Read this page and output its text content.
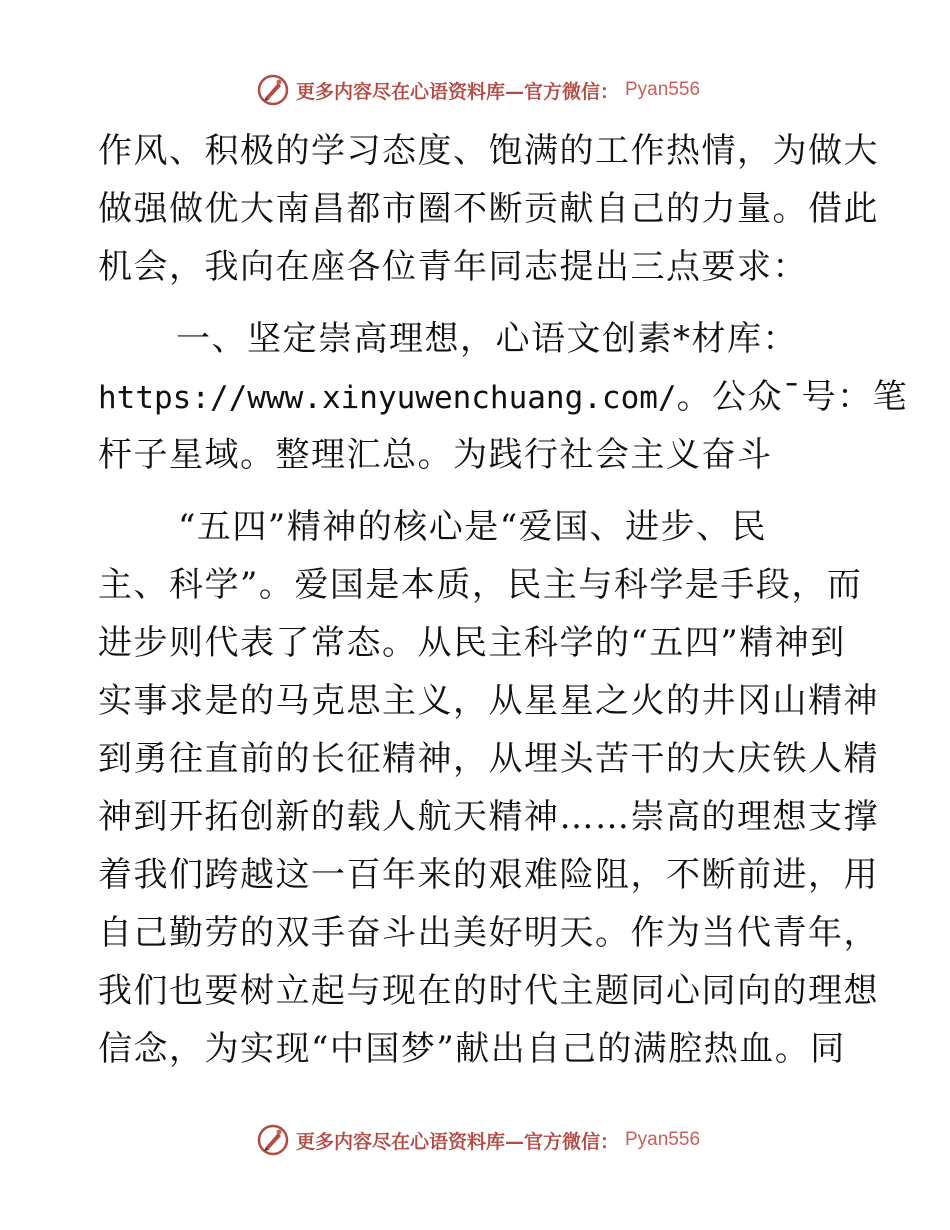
更多内容尽在心语资料库—官方微信： Pyan556
作风、积极的学习态度、饱满的工作热情，为做大
做强做优大南昌都市圈不断贡献自己的力量。借此
机会，我向在座各位青年同志提出三点要求：
一、坚定崇高理想，心语文创素*材库：
https://www.xinyuwenchuang.com/。公众¯号：笔
杆子星域。整理汇总。为践行社会主义奋斗
“五四”精神的核心是“爱国、进步、民
主、科学”。爱国是本质，民主与科学是手段，而
进步则代表了常态。从民主科学的“五四”精神到
实事求是的马克思主义，从星星之火的井冈山精神
到勇往直前的长征精神，从埋头苦干的大庆铁人精
神到开拓创新的载人航天精神……崇高的理想支撑
着我们跨越这一百年来的艰难险阻，不断前进，用
自己勤劳的双手奋斗出美好明天。作为当代青年，
我们也要树立起与现在的时代主题同心同向的理想
信念，为实现“中国梦”献出自己的满腔热血。同
更多内容尽在心语资料库—官方微信： Pyan556
